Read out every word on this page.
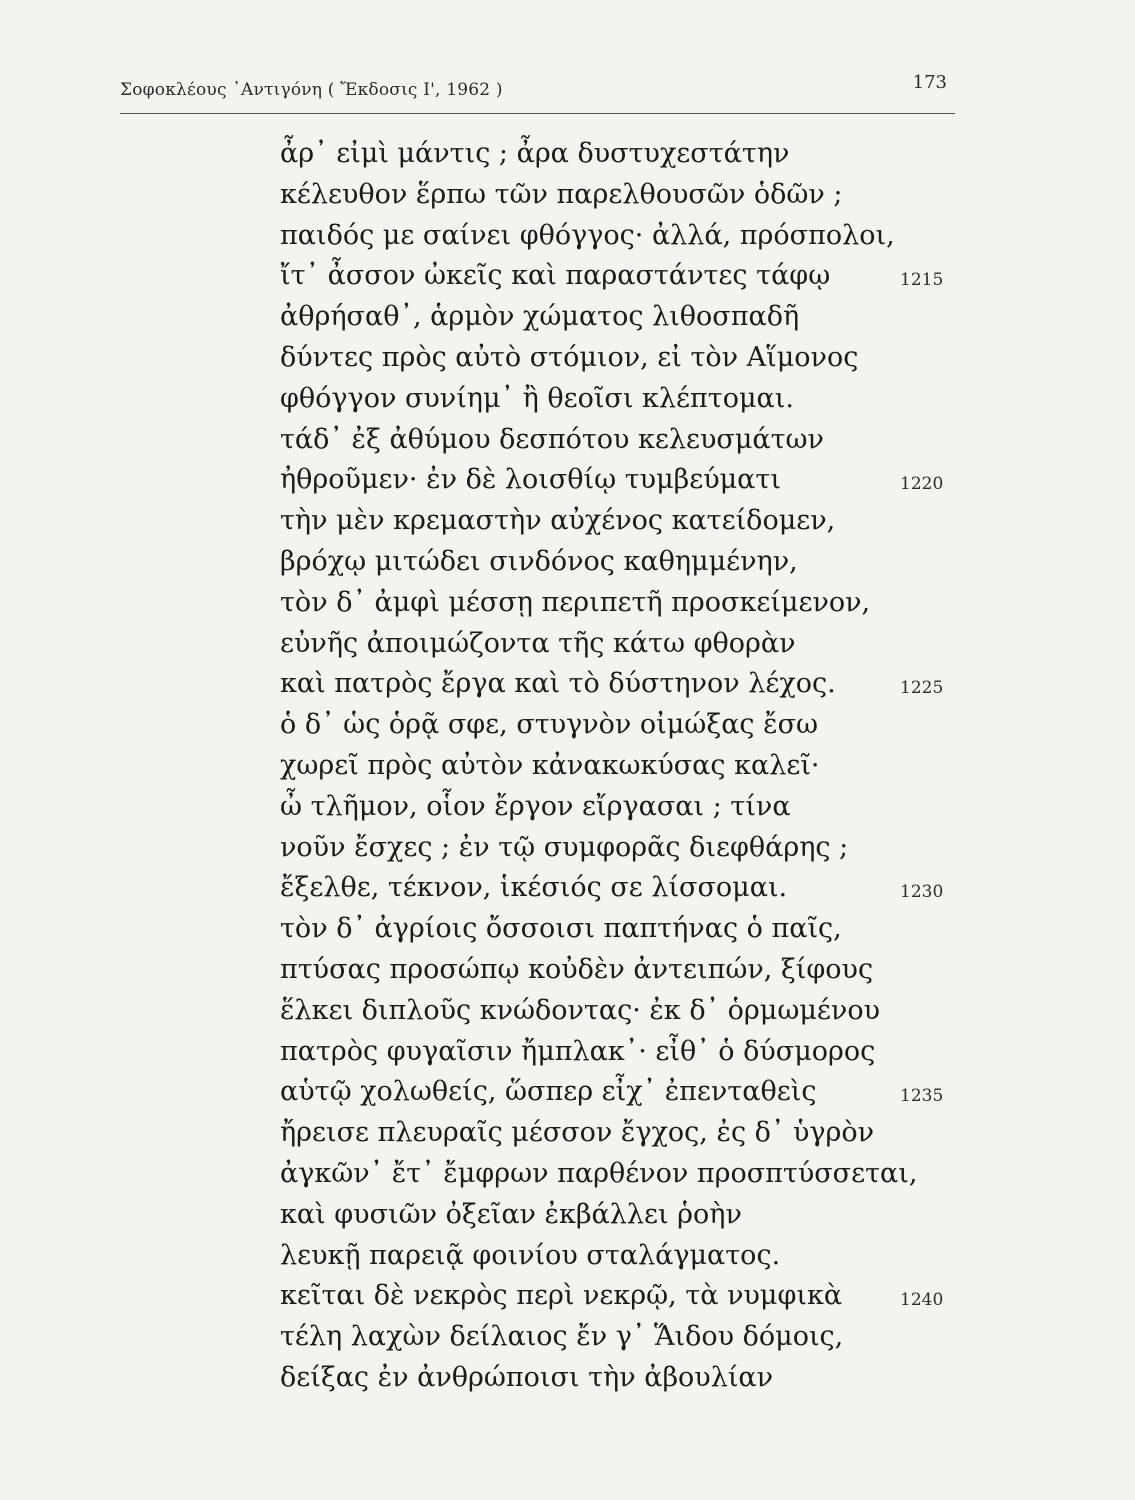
Σοφοκλέους ᾿Αντιγόνη ( Ἔκδοσις Ι', 1962 )	173
ἆρ᾿ εἰμὶ μάντις ; ἆρα δυστυχεστάτην
κέλευθον ἕρπω τῶν παρελθουσῶν ὁδῶν ;
παιδός με σαίνει φθόγγος· ἀλλά, πρόσπολοι,
ἴτ᾿ ἆσσον ὠκεῖς καὶ παραστάντες τάφῳ	1215
ἀθρήσαθ᾿, ἁρμὸν χώματος λιθοσπαδῆ
δύντες πρὸς αὐτὸ στόμιον, εἰ τὸν Αἵμονος
φθόγγον συνίημ᾿ ἢ θεοῖσι κλέπτομαι.
τάδ᾿ ἐξ ἀθύμου δεσπότου κελευσμάτων
ἠθροῦμεν· ἐν δὲ λοισθίῳ τυμβεύματι	1220
τὴν μὲν κρεμαστὴν αὐχένος κατείδομεν,
βρόχῳ μιτώδει σινδόνος καθημμένην,
τὸν δ᾿ ἀμφὶ μέσσῃ περιπετῆ προσκείμενον,
εὐνῆς ἀποιμώζοντα τῆς κάτω φθορὰν
καὶ πατρὸς ἔργα καὶ τὸ δύστηνον λέχος.	1225
ὁ δ᾿ ὡς ὁρᾷ σφε, στυγνὸν οἰμώξας ἔσω
χωρεῖ πρὸς αὐτὸν κἀνακωκύσας καλεῖ·
ὦ τλῆμον, οἷον ἔργον εἴργασαι ; τίνα
νοῦν ἔσχες ; ἐν τῷ συμφορᾶς διεφθάρης ;
ἔξελθε, τέκνον, ἱκέσιός σε λίσσομαι.	1230
τὸν δ᾿ ἀγρίοις ὄσσοισι παπτήνας ὁ παῖς,
πτύσας προσώπῳ κοὐδὲν ἀντειπών, ξίφους
ἕλκει διπλοῦς κνώδοντας· ἐκ δ᾿ ὁρμωμένου
πατρὸς φυγαῖσιν ἤμπλακ᾿· εἶθ᾿ ὁ δύσμορος
αὑτῷ χολωθείς, ὥσπερ εἶχ᾿ ἐπενταθεὶς	1235
ἤρεισε πλευραῖς μέσσον ἔγχος, ἐς δ᾿ ὑγρὸν
ἀγκῶν᾿ ἔτ᾿ ἔμφρων παρθένον προσπτύσσεται,
καὶ φυσιῶν ὀξεῖαν ἐκβάλλει ῥοὴν
λευκῇ παρειᾷ φοινίου σταλάγματος.
κεῖται δὲ νεκρὸς περὶ νεκρῷ, τὰ νυμφικὰ	1240
τέλη λαχὼν δείλαιος ἔν γ᾿ Ἅιδου δόμοις,
δείξας ἐν ἀνθρώποισι τὴν ἀβουλίαν
